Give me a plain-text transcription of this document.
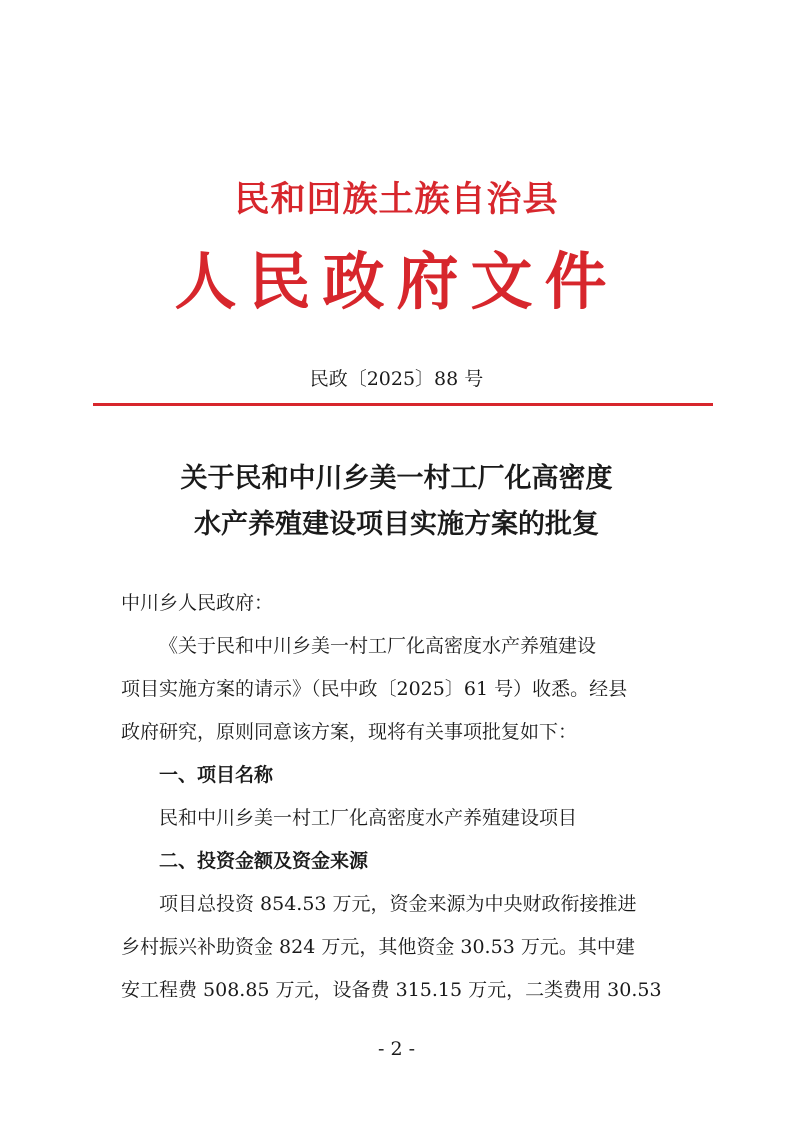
民和回族土族自治县
人民政府文件
民政〔2025〕88 号
关于民和中川乡美一村工厂化高密度
水产养殖建设项目实施方案的批复
中川乡人民政府：
《关于民和中川乡美一村工厂化高密度水产养殖建设
项目实施方案的请示》（民中政〔2025〕61 号）收悉。经县
政府研究，原则同意该方案，现将有关事项批复如下：
一、项目名称
民和中川乡美一村工厂化高密度水产养殖建设项目
二、投资金额及资金来源
项目总投资 854.53 万元，资金来源为中央财政衔接推进
乡村振兴补助资金 824 万元，其他资金 30.53 万元。其中建
安工程费 508.85 万元，设备费 315.15 万元，二类费用 30.53
- 2 -
